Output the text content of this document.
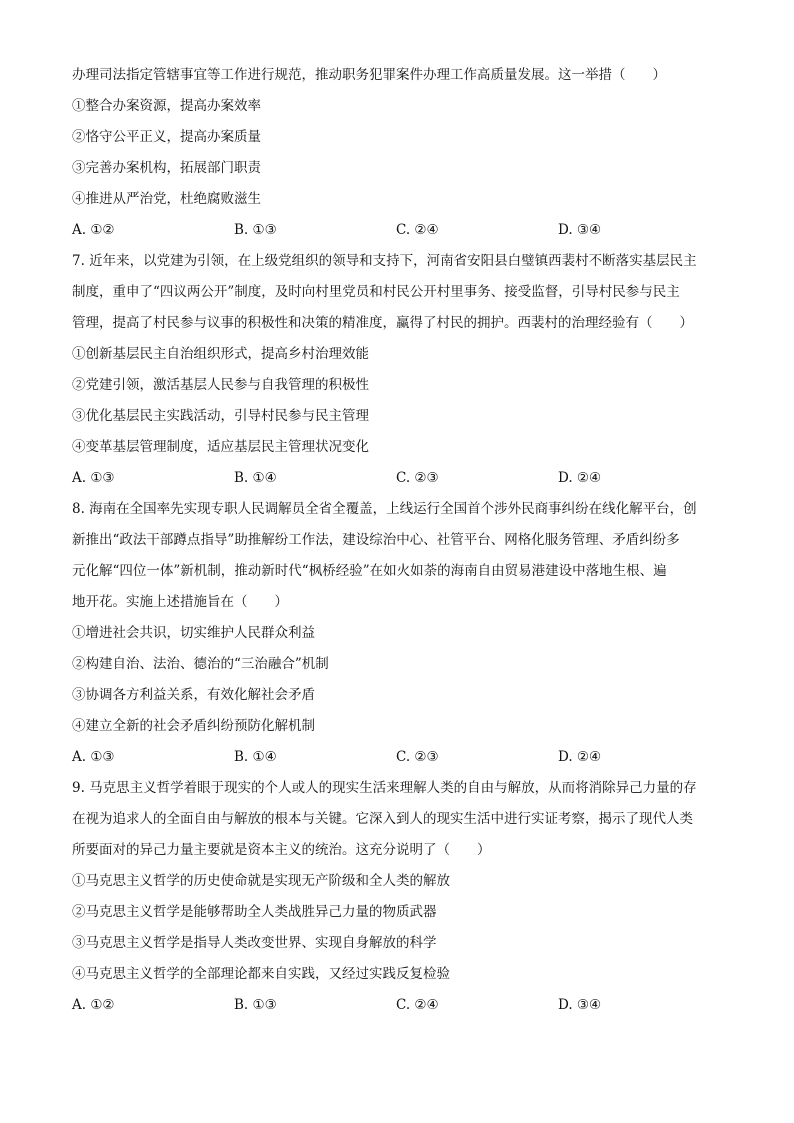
办理司法指定管辖事宜等工作进行规范，推动职务犯罪案件办理工作高质量发展。这一举措（　　）
①整合办案资源，提高办案效率
②恪守公平正义，提高办案质量
③完善办案机构，拓展部门职责
④推进从严治党，杜绝腐败滋生
A. ①②	B. ①③	C. ②④	D. ③④
7. 近年来，以党建为引领，在上级党组织的领导和支持下，河南省安阳县白璧镇西裴村不断落实基层民主
制度，重申了“四议两公开”制度，及时向村里党员和村民公开村里事务、接受监督，引导村民参与民主
管理，提高了村民参与议事的积极性和决策的精准度，赢得了村民的拥护。西裴村的治理经验有（　　）
①创新基层民主自治组织形式，提高乡村治理效能
②党建引领，激活基层人民参与自我管理的积极性
③优化基层民主实践活动，引导村民参与民主管理
④变革基层管理制度，适应基层民主管理状况变化
A. ①③	B. ①④	C. ②③	D. ②④
8. 海南在全国率先实现专职人民调解员全省全覆盖，上线运行全国首个涉外民商事纠纷在线化解平台，创
新推出“政法干部蹲点指导”助推解纷工作法，建设综治中心、社管平台、网格化服务管理、矛盾纠纷多
元化解“四位一体”新机制，推动新时代“枫桥经验”在如火如荼的海南自由贸易港建设中落地生根、遍
地开花。实施上述措施旨在（　　）
①增进社会共识，切实维护人民群众利益
②构建自治、法治、德治的“三治融合”机制
③协调各方利益关系，有效化解社会矛盾
④建立全新的社会矛盾纠纷预防化解机制
A. ①③	B. ①④	C. ②③	D. ②④
9. 马克思主义哲学着眼于现实的个人或人的现实生活来理解人类的自由与解放，从而将消除异己力量的存
在视为追求人的全面自由与解放的根本与关键。它深入到人的现实生活中进行实证考察，揭示了现代人类
所要面对的异己力量主要就是资本主义的统治。这充分说明了（　　）
①马克思主义哲学的历史使命就是实现无产阶级和全人类的解放
②马克思主义哲学是能够帮助全人类战胜异己力量的物质武器
③马克思主义哲学是指导人类改变世界、实现自身解放的科学
④马克思主义哲学的全部理论都来自实践，又经过实践反复检验
A. ①②	B. ①③	C. ②④	D. ③④
